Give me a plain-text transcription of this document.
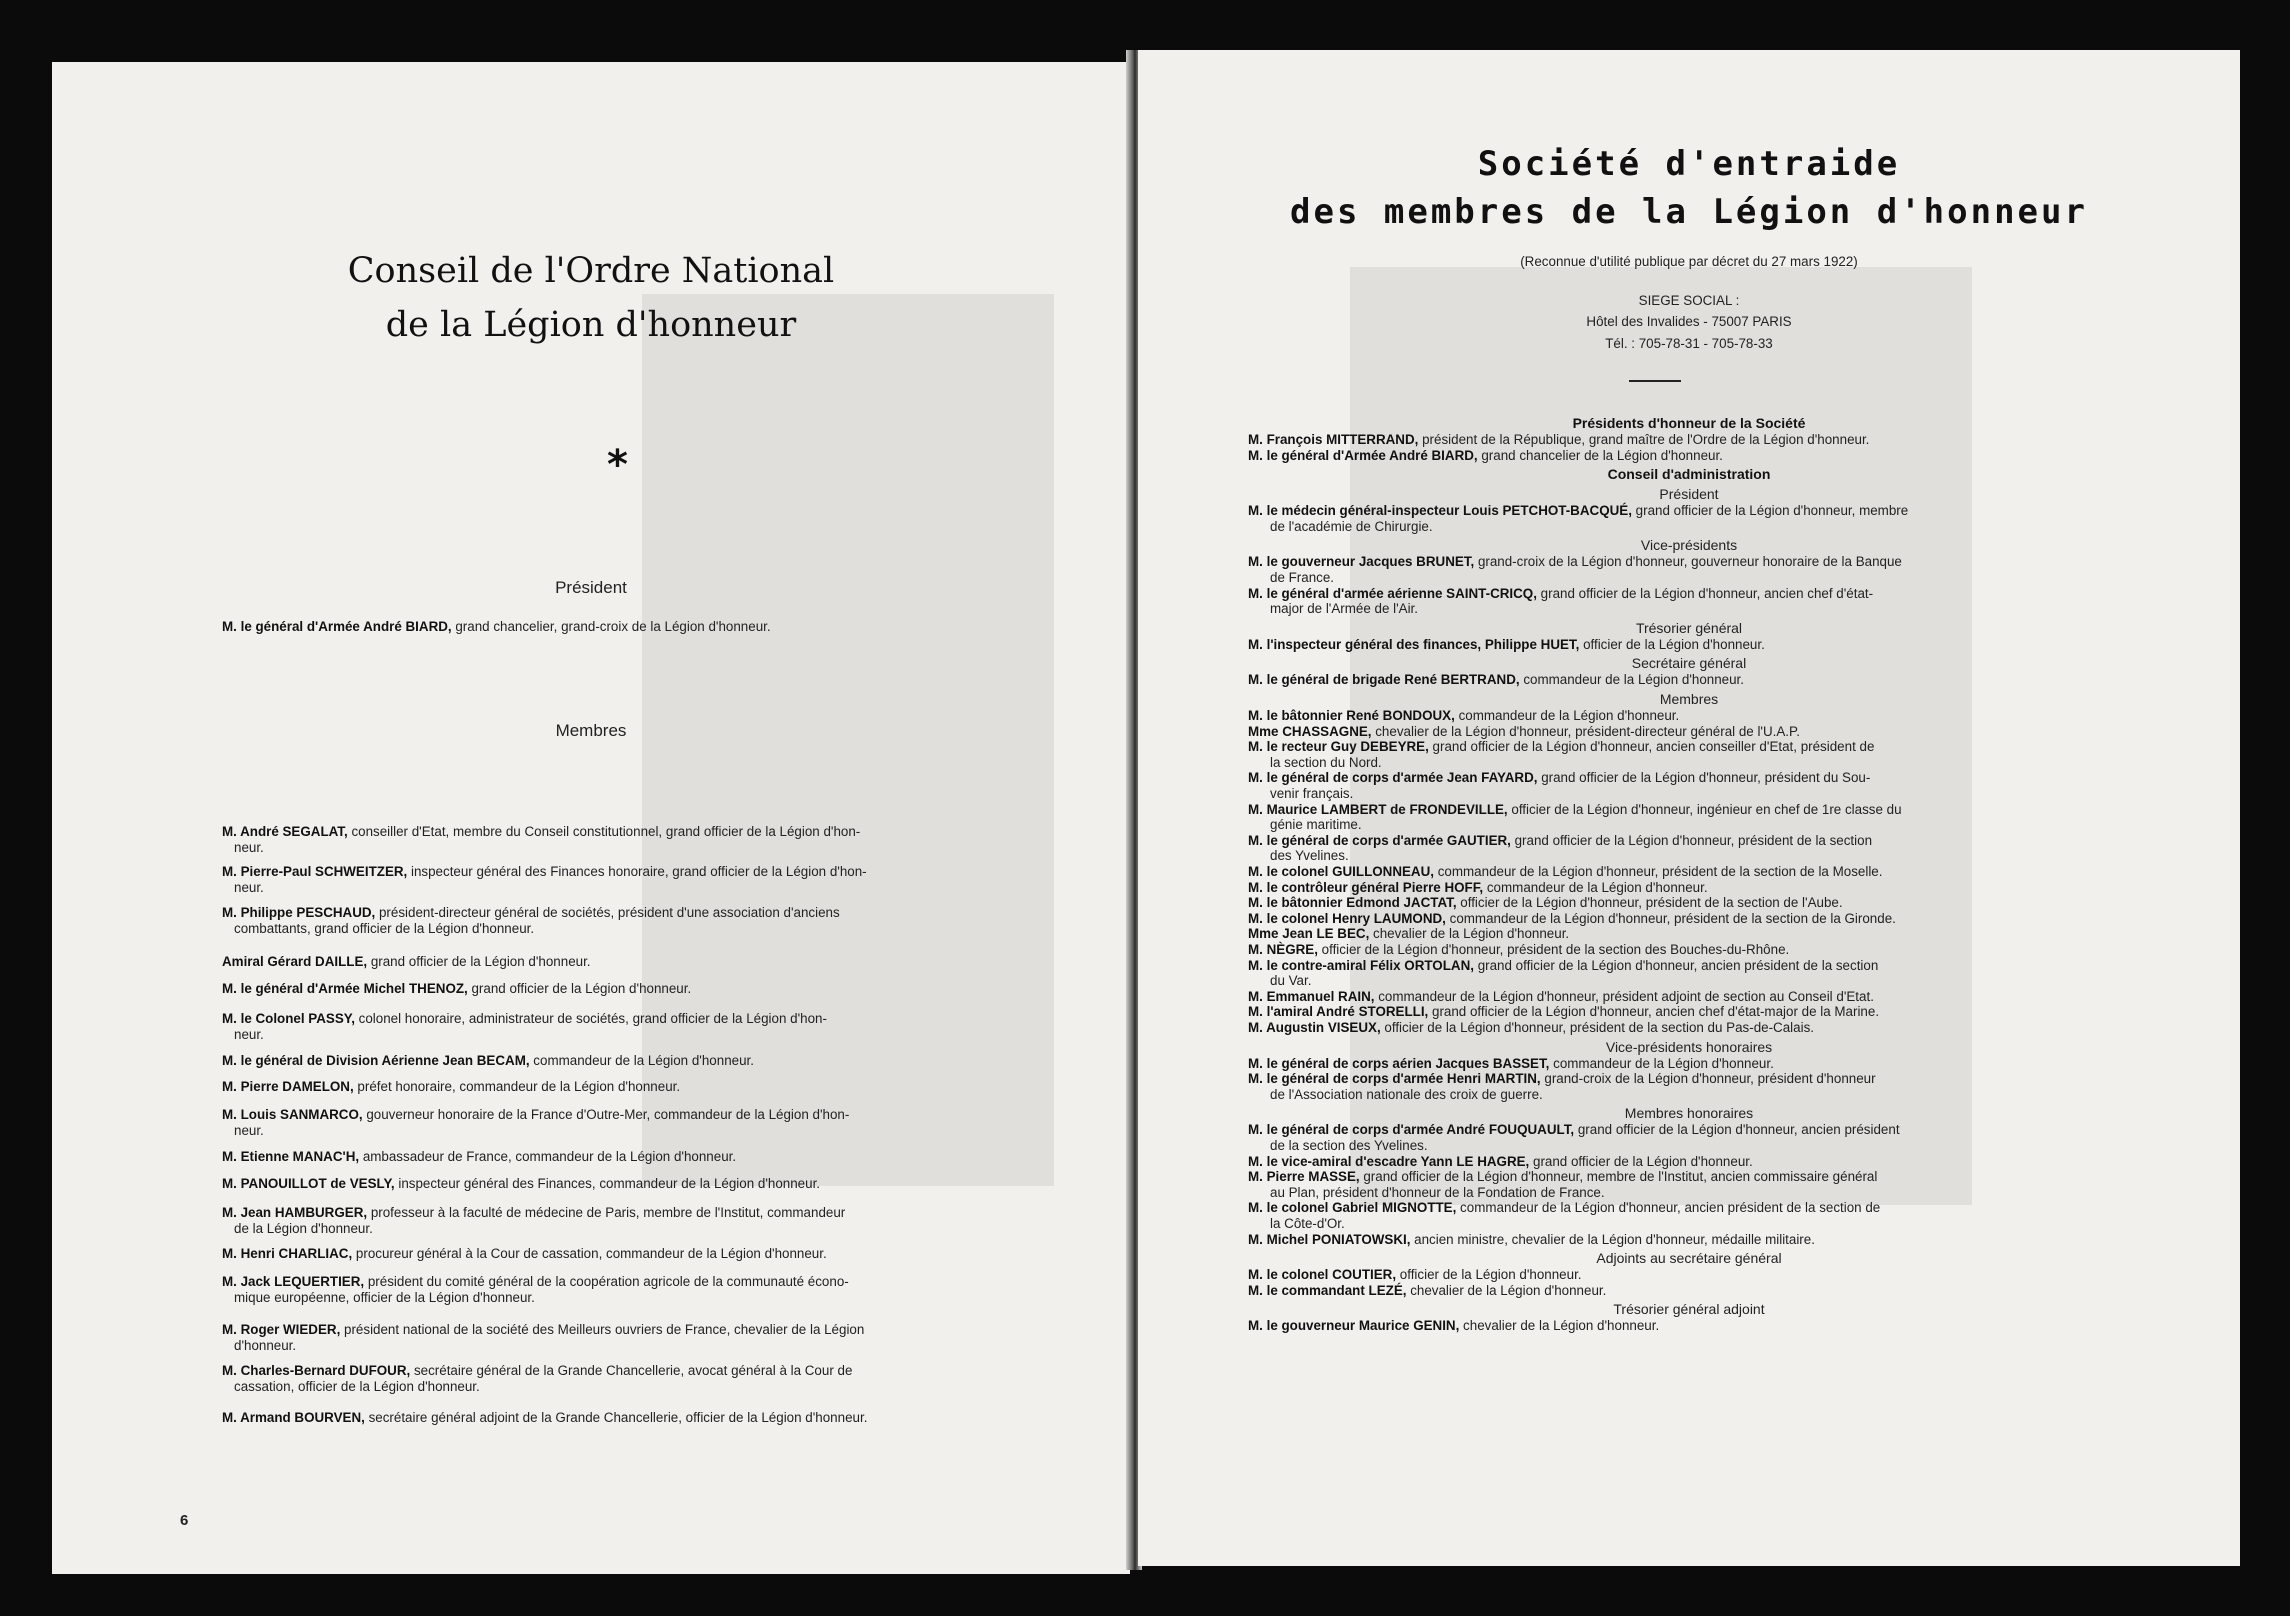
Conseil de l'Ordre National
de la Légion d'honneur
*
Président
M. le général d'Armée André BIARD, grand chancelier, grand-croix de la Légion d'honneur.
Membres
M. André SEGALAT, conseiller d'Etat, membre du Conseil constitutionnel, grand officier de la Légion d'hon-
neur.
M. Pierre-Paul SCHWEITZER, inspecteur général des Finances honoraire, grand officier de la Légion d'hon-
neur.
M. Philippe PESCHAUD, président-directeur général de sociétés, président d'une association d'anciens
combattants, grand officier de la Légion d'honneur.
Amiral Gérard DAILLE, grand officier de la Légion d'honneur.
M. le général d'Armée Michel THENOZ, grand officier de la Légion d'honneur.
M. le Colonel PASSY, colonel honoraire, administrateur de sociétés, grand officier de la Légion d'hon-
neur.
M. le général de Division Aérienne Jean BECAM, commandeur de la Légion d'honneur.
M. Pierre DAMELON, préfet honoraire, commandeur de la Légion d'honneur.
M. Louis SANMARCO, gouverneur honoraire de la France d'Outre-Mer, commandeur de la Légion d'hon-
neur.
M. Etienne MANAC'H, ambassadeur de France, commandeur de la Légion d'honneur.
M. PANOUILLOT de VESLY, inspecteur général des Finances, commandeur de la Légion d'honneur.
M. Jean HAMBURGER, professeur à la faculté de médecine de Paris, membre de l'Institut, commandeur
de la Légion d'honneur.
M. Henri CHARLIAC, procureur général à la Cour de cassation, commandeur de la Légion d'honneur.
M. Jack LEQUERTIER, président du comité général de la coopération agricole de la communauté écono-
mique européenne, officier de la Légion d'honneur.
M. Roger WIEDER, président national de la société des Meilleurs ouvriers de France, chevalier de la Légion
d'honneur.
M. Charles-Bernard DUFOUR, secrétaire général de la Grande Chancellerie, avocat général à la Cour de
cassation, officier de la Légion d'honneur.
M. Armand BOURVEN, secrétaire général adjoint de la Grande Chancellerie, officier de la Légion d'honneur.
6
Société d'entraide
des membres de la Légion d'honneur
(Reconnue d'utilité publique par décret du 27 mars 1922)
SIEGE SOCIAL :
Hôtel des Invalides - 75007 PARIS
Tél. : 705-78-31 - 705-78-33
Présidents d'honneur de la Société
M. François MITTERRAND, président de la République, grand maître de l'Ordre de la Légion d'honneur.
M. le général d'Armée André BIARD, grand chancelier de la Légion d'honneur.
Conseil d'administration
Président
M. le médecin général-inspecteur Louis PETCHOT-BACQUÉ, grand officier de la Légion d'honneur, membre
de l'académie de Chirurgie.
Vice-présidents
M. le gouverneur Jacques BRUNET, grand-croix de la Légion d'honneur, gouverneur honoraire de la Banque
de France.
M. le général d'armée aérienne SAINT-CRICQ, grand officier de la Légion d'honneur, ancien chef d'état-
major de l'Armée de l'Air.
Trésorier général
M. l'inspecteur général des finances, Philippe HUET, officier de la Légion d'honneur.
Secrétaire général
M. le général de brigade René BERTRAND, commandeur de la Légion d'honneur.
Membres
M. le bâtonnier René BONDOUX, commandeur de la Légion d'honneur.
Mme CHASSAGNE, chevalier de la Légion d'honneur, président-directeur général de l'U.A.P.
M. le recteur Guy DEBEYRE, grand officier de la Légion d'honneur, ancien conseiller d'Etat, président de
la section du Nord.
M. le général de corps d'armée Jean FAYARD, grand officier de la Légion d'honneur, président du Sou-
venir français.
M. Maurice LAMBERT de FRONDEVILLE, officier de la Légion d'honneur, ingénieur en chef de 1re classe du
génie maritime.
M. le général de corps d'armée GAUTIER, grand officier de la Légion d'honneur, président de la section
des Yvelines.
M. le colonel GUILLONNEAU, commandeur de la Légion d'honneur, président de la section de la Moselle.
M. le contrôleur général Pierre HOFF, commandeur de la Légion d'honneur.
M. le bâtonnier Edmond JACTAT, officier de la Légion d'honneur, président de la section de l'Aube.
M. le colonel Henry LAUMOND, commandeur de la Légion d'honneur, président de la section de la Gironde.
Mme Jean LE BEC, chevalier de la Légion d'honneur.
M. NÈGRE, officier de la Légion d'honneur, président de la section des Bouches-du-Rhône.
M. le contre-amiral Félix ORTOLAN, grand officier de la Légion d'honneur, ancien président de la section
du Var.
M. Emmanuel RAIN, commandeur de la Légion d'honneur, président adjoint de section au Conseil d'Etat.
M. l'amiral André STORELLI, grand officier de la Légion d'honneur, ancien chef d'état-major de la Marine.
M. Augustin VISEUX, officier de la Légion d'honneur, président de la section du Pas-de-Calais.
Vice-présidents honoraires
M. le général de corps aérien Jacques BASSET, commandeur de la Légion d'honneur.
M. le général de corps d'armée Henri MARTIN, grand-croix de la Légion d'honneur, président d'honneur
de l'Association nationale des croix de guerre.
Membres honoraires
M. le général de corps d'armée André FOUQUAULT, grand officier de la Légion d'honneur, ancien président
de la section des Yvelines.
M. le vice-amiral d'escadre Yann LE HAGRE, grand officier de la Légion d'honneur.
M. Pierre MASSE, grand officier de la Légion d'honneur, membre de l'Institut, ancien commissaire général
au Plan, président d'honneur de la Fondation de France.
M. le colonel Gabriel MIGNOTTE, commandeur de la Légion d'honneur, ancien président de la section de
la Côte-d'Or.
M. Michel PONIATOWSKI, ancien ministre, chevalier de la Légion d'honneur, médaille militaire.
Adjoints au secrétaire général
M. le colonel COUTIER, officier de la Légion d'honneur.
M. le commandant LEZÉ, chevalier de la Légion d'honneur.
Trésorier général adjoint
M. le gouverneur Maurice GENIN, chevalier de la Légion d'honneur.
